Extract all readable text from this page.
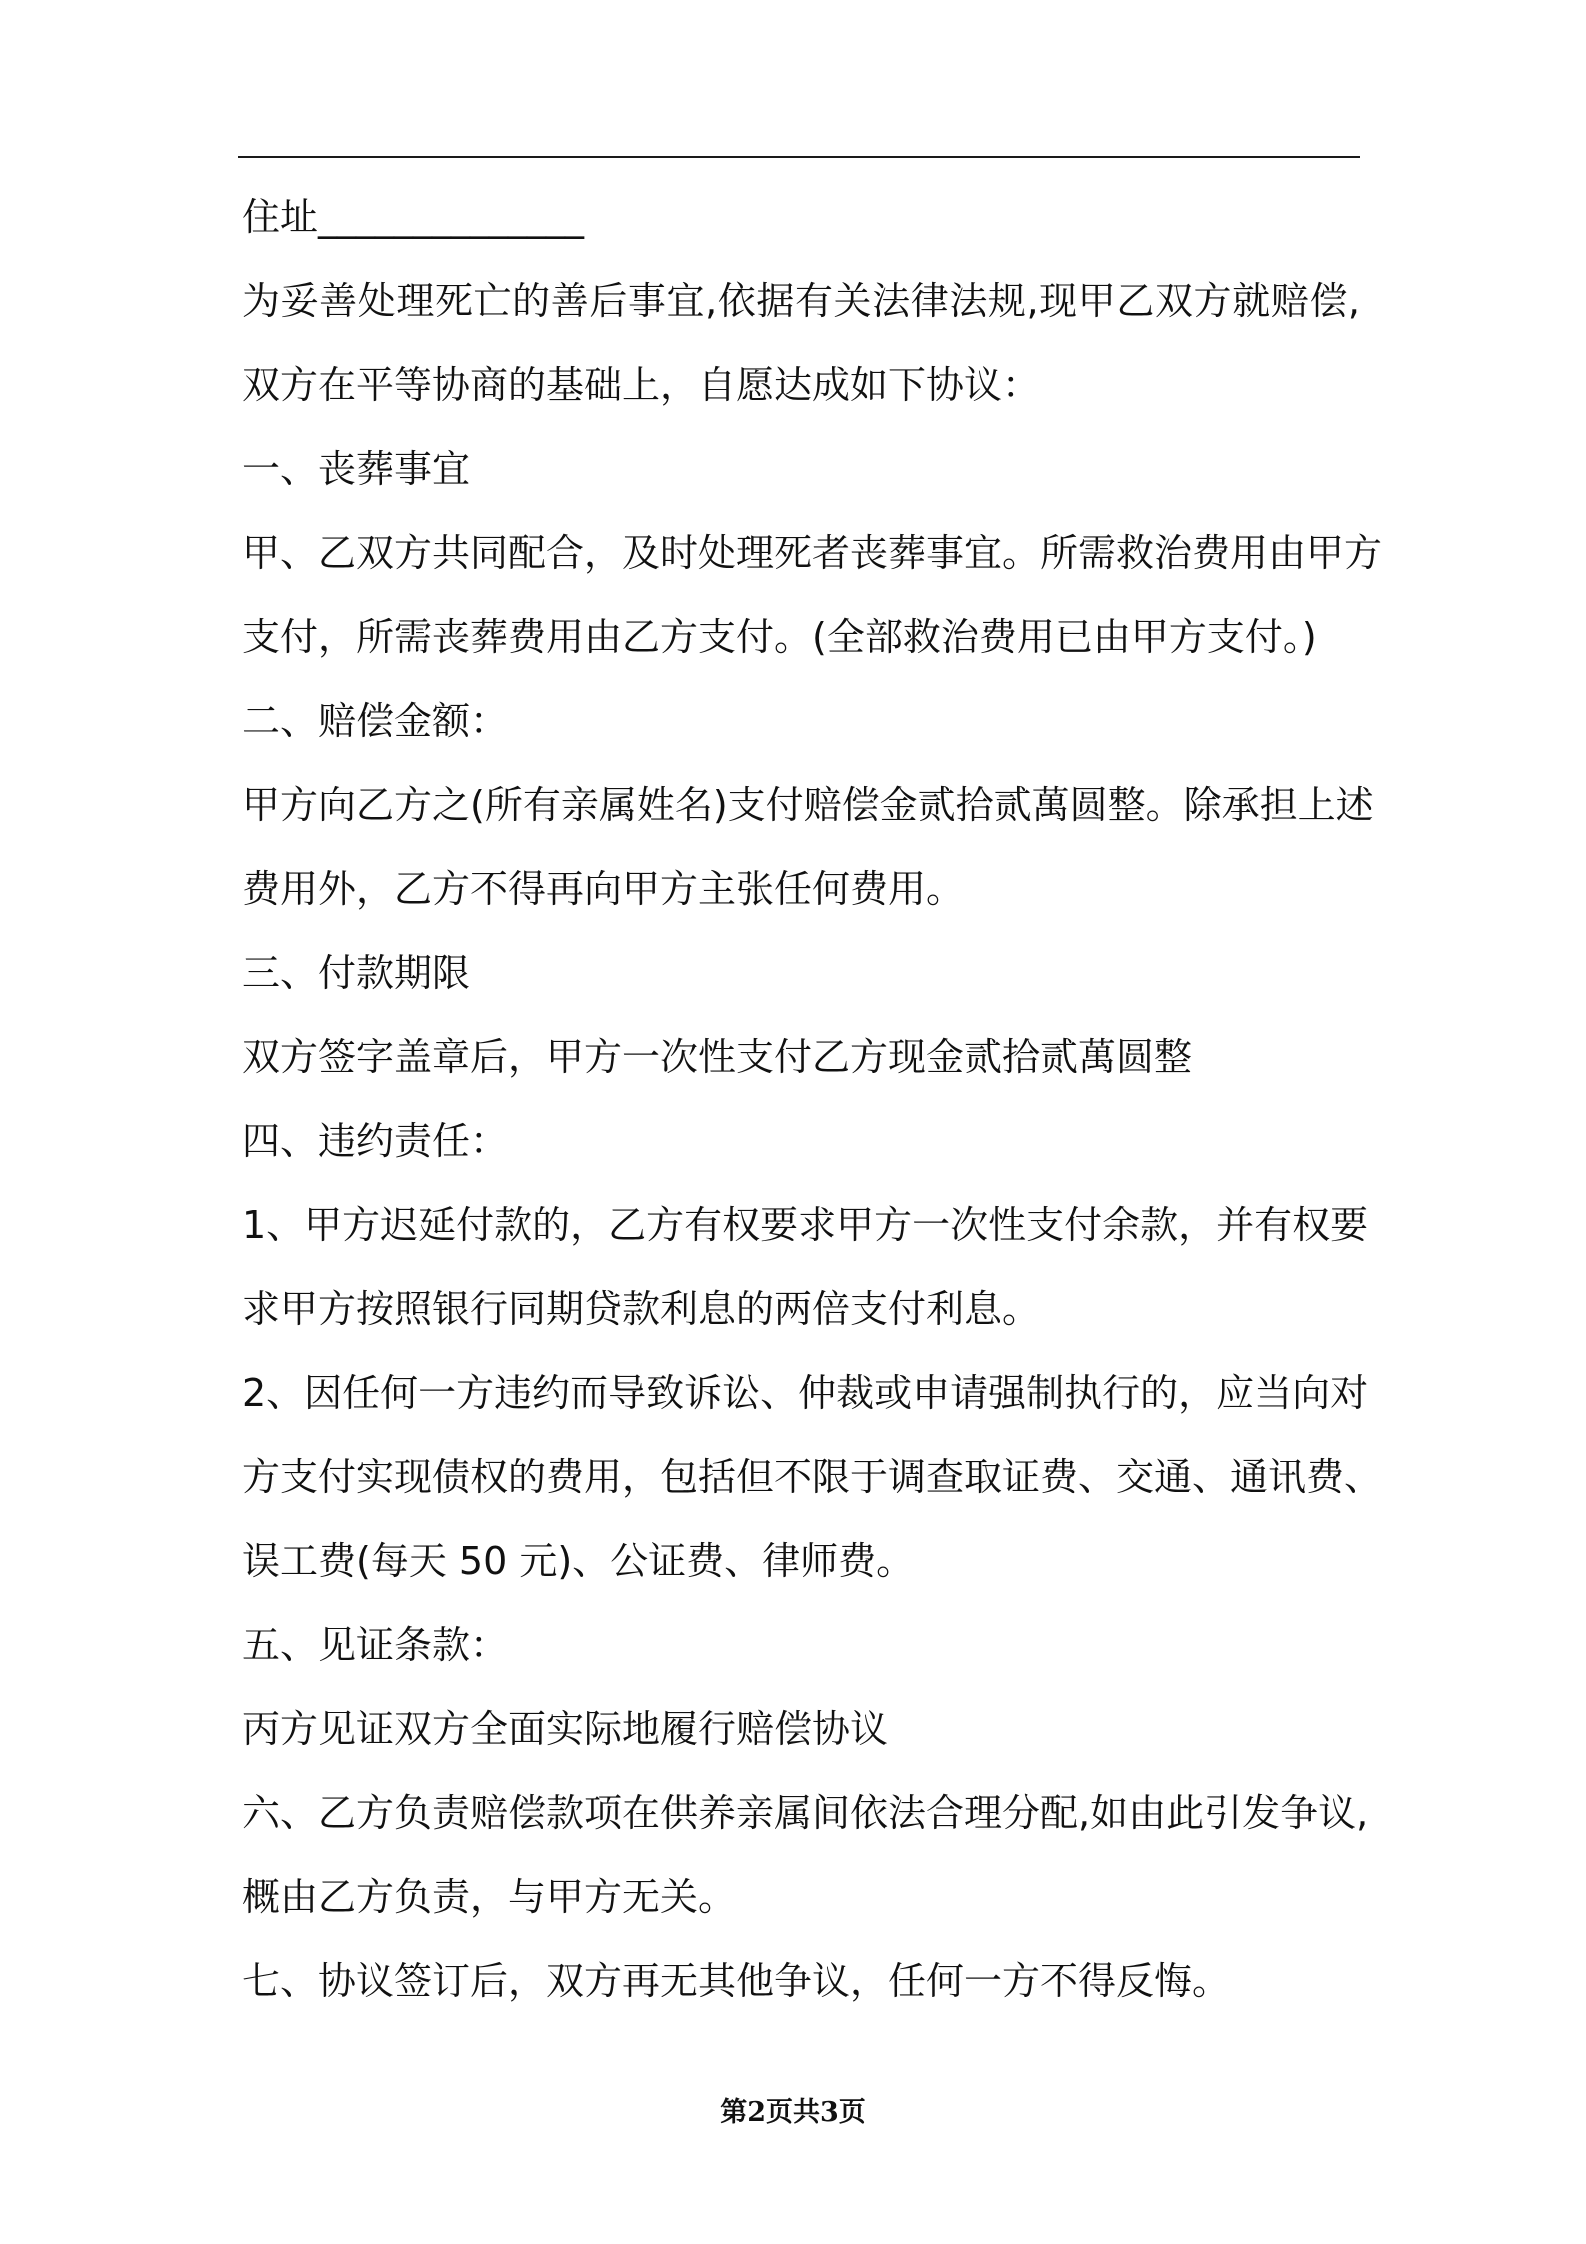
住址______________
为妥善处理死亡的善后事宜,依据有关法律法规,现甲乙双方就赔偿,
双方在平等协商的基础上，自愿达成如下协议：
一、丧葬事宜
甲、乙双方共同配合，及时处理死者丧葬事宜。所需救治费用由甲方
支付，所需丧葬费用由乙方支付。(全部救治费用已由甲方支付。)
二、赔偿金额：
甲方向乙方之(所有亲属姓名)支付赔偿金贰拾贰萬圆整。除承担上述
费用外，乙方不得再向甲方主张任何费用。
三、付款期限
双方签字盖章后，甲方一次性支付乙方现金贰拾贰萬圆整
四、违约责任：
1、甲方迟延付款的，乙方有权要求甲方一次性支付余款，并有权要
求甲方按照银行同期贷款利息的两倍支付利息。
2、因任何一方违约而导致诉讼、仲裁或申请强制执行的，应当向对
方支付实现债权的费用，包括但不限于调查取证费、交通、通讯费、
误工费(每天 50 元)、公证费、律师费。
五、见证条款：
丙方见证双方全面实际地履行赔偿协议
六、乙方负责赔偿款项在供养亲属间依法合理分配,如由此引发争议,
概由乙方负责，与甲方无关。
七、协议签订后，双方再无其他争议，任何一方不得反悔。
第2页共3页
